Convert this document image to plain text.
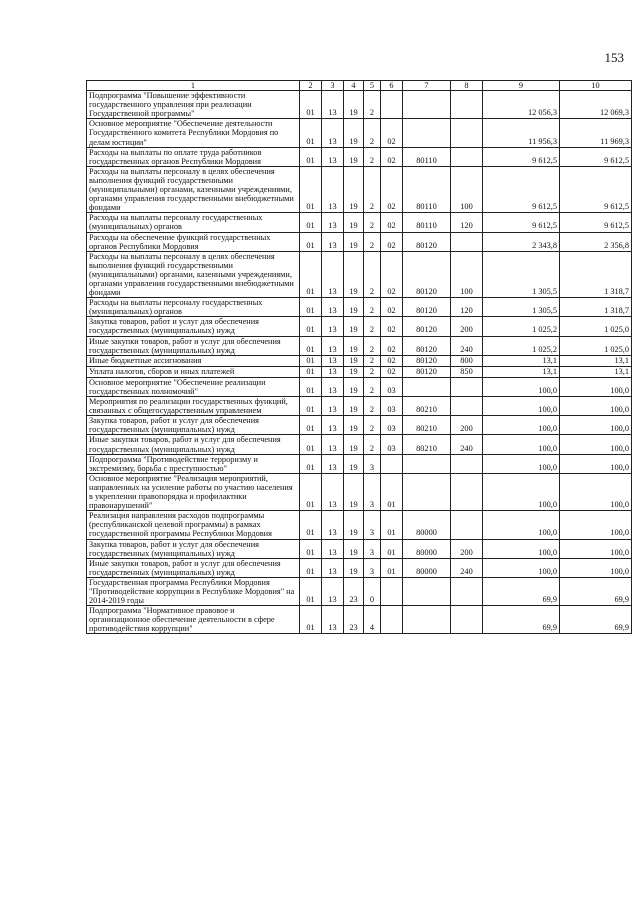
153
1	2	3	4	5	6	7	8	9	10
Подпрограмма "Повышение эффективности государственного управления при реализации Государственной программы"	01	13	19	2				12 056,3	12 069,3
Основное мероприятие "Обеспечение деятельности Государственного комитета Республики Мордовия по делам юстиции"	01	13	19	2	02			11 956,3	11 969,3
Расходы на выплаты по оплате труда работников государственных органов Республики Мордовия	01	13	19	2	02	80110		9 612,5	9 612,5
Расходы на выплаты персоналу в целях обеспечения выполнения функций государственными (муниципальными) органами, казенными учреждениями, органами управления государственными внебюджетными фондами	01	13	19	2	02	80110	100	9 612,5	9 612,5
Расходы на выплаты персоналу государственных (муниципальных) органов	01	13	19	2	02	80110	120	9 612,5	9 612,5
Расходы на обеспечение функций государственных органов Республики Мордовия	01	13	19	2	02	80120		2 343,8	2 356,8
Расходы на выплаты персоналу в целях обеспечения выполнения функций государственными (муниципальными) органами, казенными учреждениями, органами управления государственными внебюджетными фондами	01	13	19	2	02	80120	100	1 305,5	1 318,7
Расходы на выплаты персоналу государственных (муниципальных) органов	01	13	19	2	02	80120	120	1 305,5	1 318,7
Закупка товаров, работ и услуг для обеспечения государственных (муниципальных) нужд	01	13	19	2	02	80120	200	1 025,2	1 025,0
Иные закупки товаров, работ и услуг для обеспечения государственных (муниципальных) нужд	01	13	19	2	02	80120	240	1 025,2	1 025,0
Иные бюджетные ассигнования	01	13	19	2	02	80120	800	13,1	13,1
Уплата налогов, сборов и иных платежей	01	13	19	2	02	80120	850	13,1	13,1
Основное мероприятие "Обеспечение реализации государственных полномочий"	01	13	19	2	03			100,0	100,0
Мероприятия по реализации государственных функций, связанных с общегосударственным управлением	01	13	19	2	03	80210		100,0	100,0
Закупка товаров, работ и услуг для обеспечения государственных (муниципальных) нужд	01	13	19	2	03	80210	200	100,0	100,0
Иные закупки товаров, работ и услуг для обеспечения государственных (муниципальных) нужд	01	13	19	2	03	80210	240	100,0	100,0
Подпрограмма "Противодействие терроризму и экстремизму, борьба с преступностью"	01	13	19	3				100,0	100,0
Основное мероприятие "Реализация мероприятий, направленных на усиление работы по участию населения в укреплении правопорядка и профилактики правонарушений"	01	13	19	3	01			100,0	100,0
Реализация направления расходов подпрограммы (республиканской целевой программы) в рамках государственной программы Республики Мордовия	01	13	19	3	01	80000		100,0	100,0
Закупка товаров, работ и услуг для обеспечения государственных (муниципальных) нужд	01	13	19	3	01	80000	200	100,0	100,0
Иные закупки товаров, работ и услуг для обеспечения государственных (муниципальных) нужд	01	13	19	3	01	80000	240	100,0	100,0
Государственная программа Республики Мордовия "Противодействие коррупции в Республике Мордовия" на 2014-2019 годы	01	13	23	0				69,9	69,9
Подпрограмма "Нормативное правовое и организационное обеспечение деятельности в сфере противодействия коррупции"	01	13	23	4				69,9	69,9
